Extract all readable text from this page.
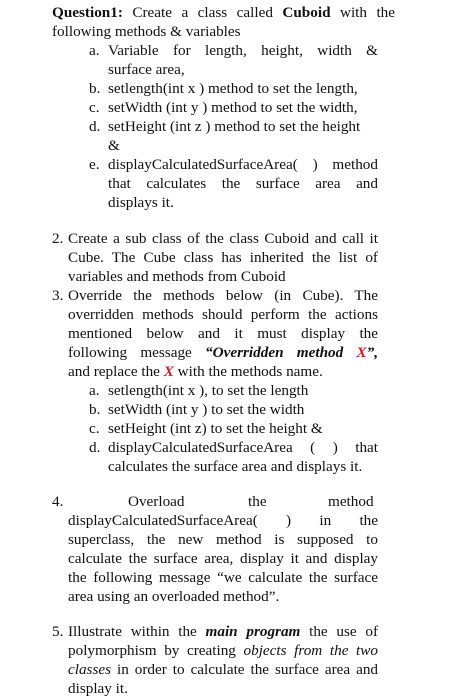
Question1: Create a class called Cuboid with the
following methods & variables
a. Variable for length, height, width &
surface area,
b. setlength(int x ) method to set the length,
c. setWidth (int y ) method to set the width,
d. setHeight (int z ) method to set the height
&
e. displayCalculatedSurfaceArea( ) method
that calculates the surface area and
displays it.
2. Create a sub class of the class Cuboid and call it
Cube. The Cube class has inherited the list of
variables and methods from Cuboid
3. Override the methods below (in Cube). The
overridden methods should perform the actions
mentioned below and it must display the
following message “Overridden method X”,
and replace the X with the methods name.
a. setlength(int x ), to set the length
b. setWidth (int y ) to set the width
c. setHeight (int z) to set the height &
d. displayCalculatedSurfaceArea ( ) that
calculates the surface area and displays it.
4.	Overload	the	method
displayCalculatedSurfaceArea( ) in the
superclass, the new method is supposed to
calculate the surface area, display it and display
the following message “we calculate the surface
area using an overloaded method”.
5. Illustrate within the main program the use of
polymorphism by creating objects from the two
classes in order to calculate the surface area and
display it.
